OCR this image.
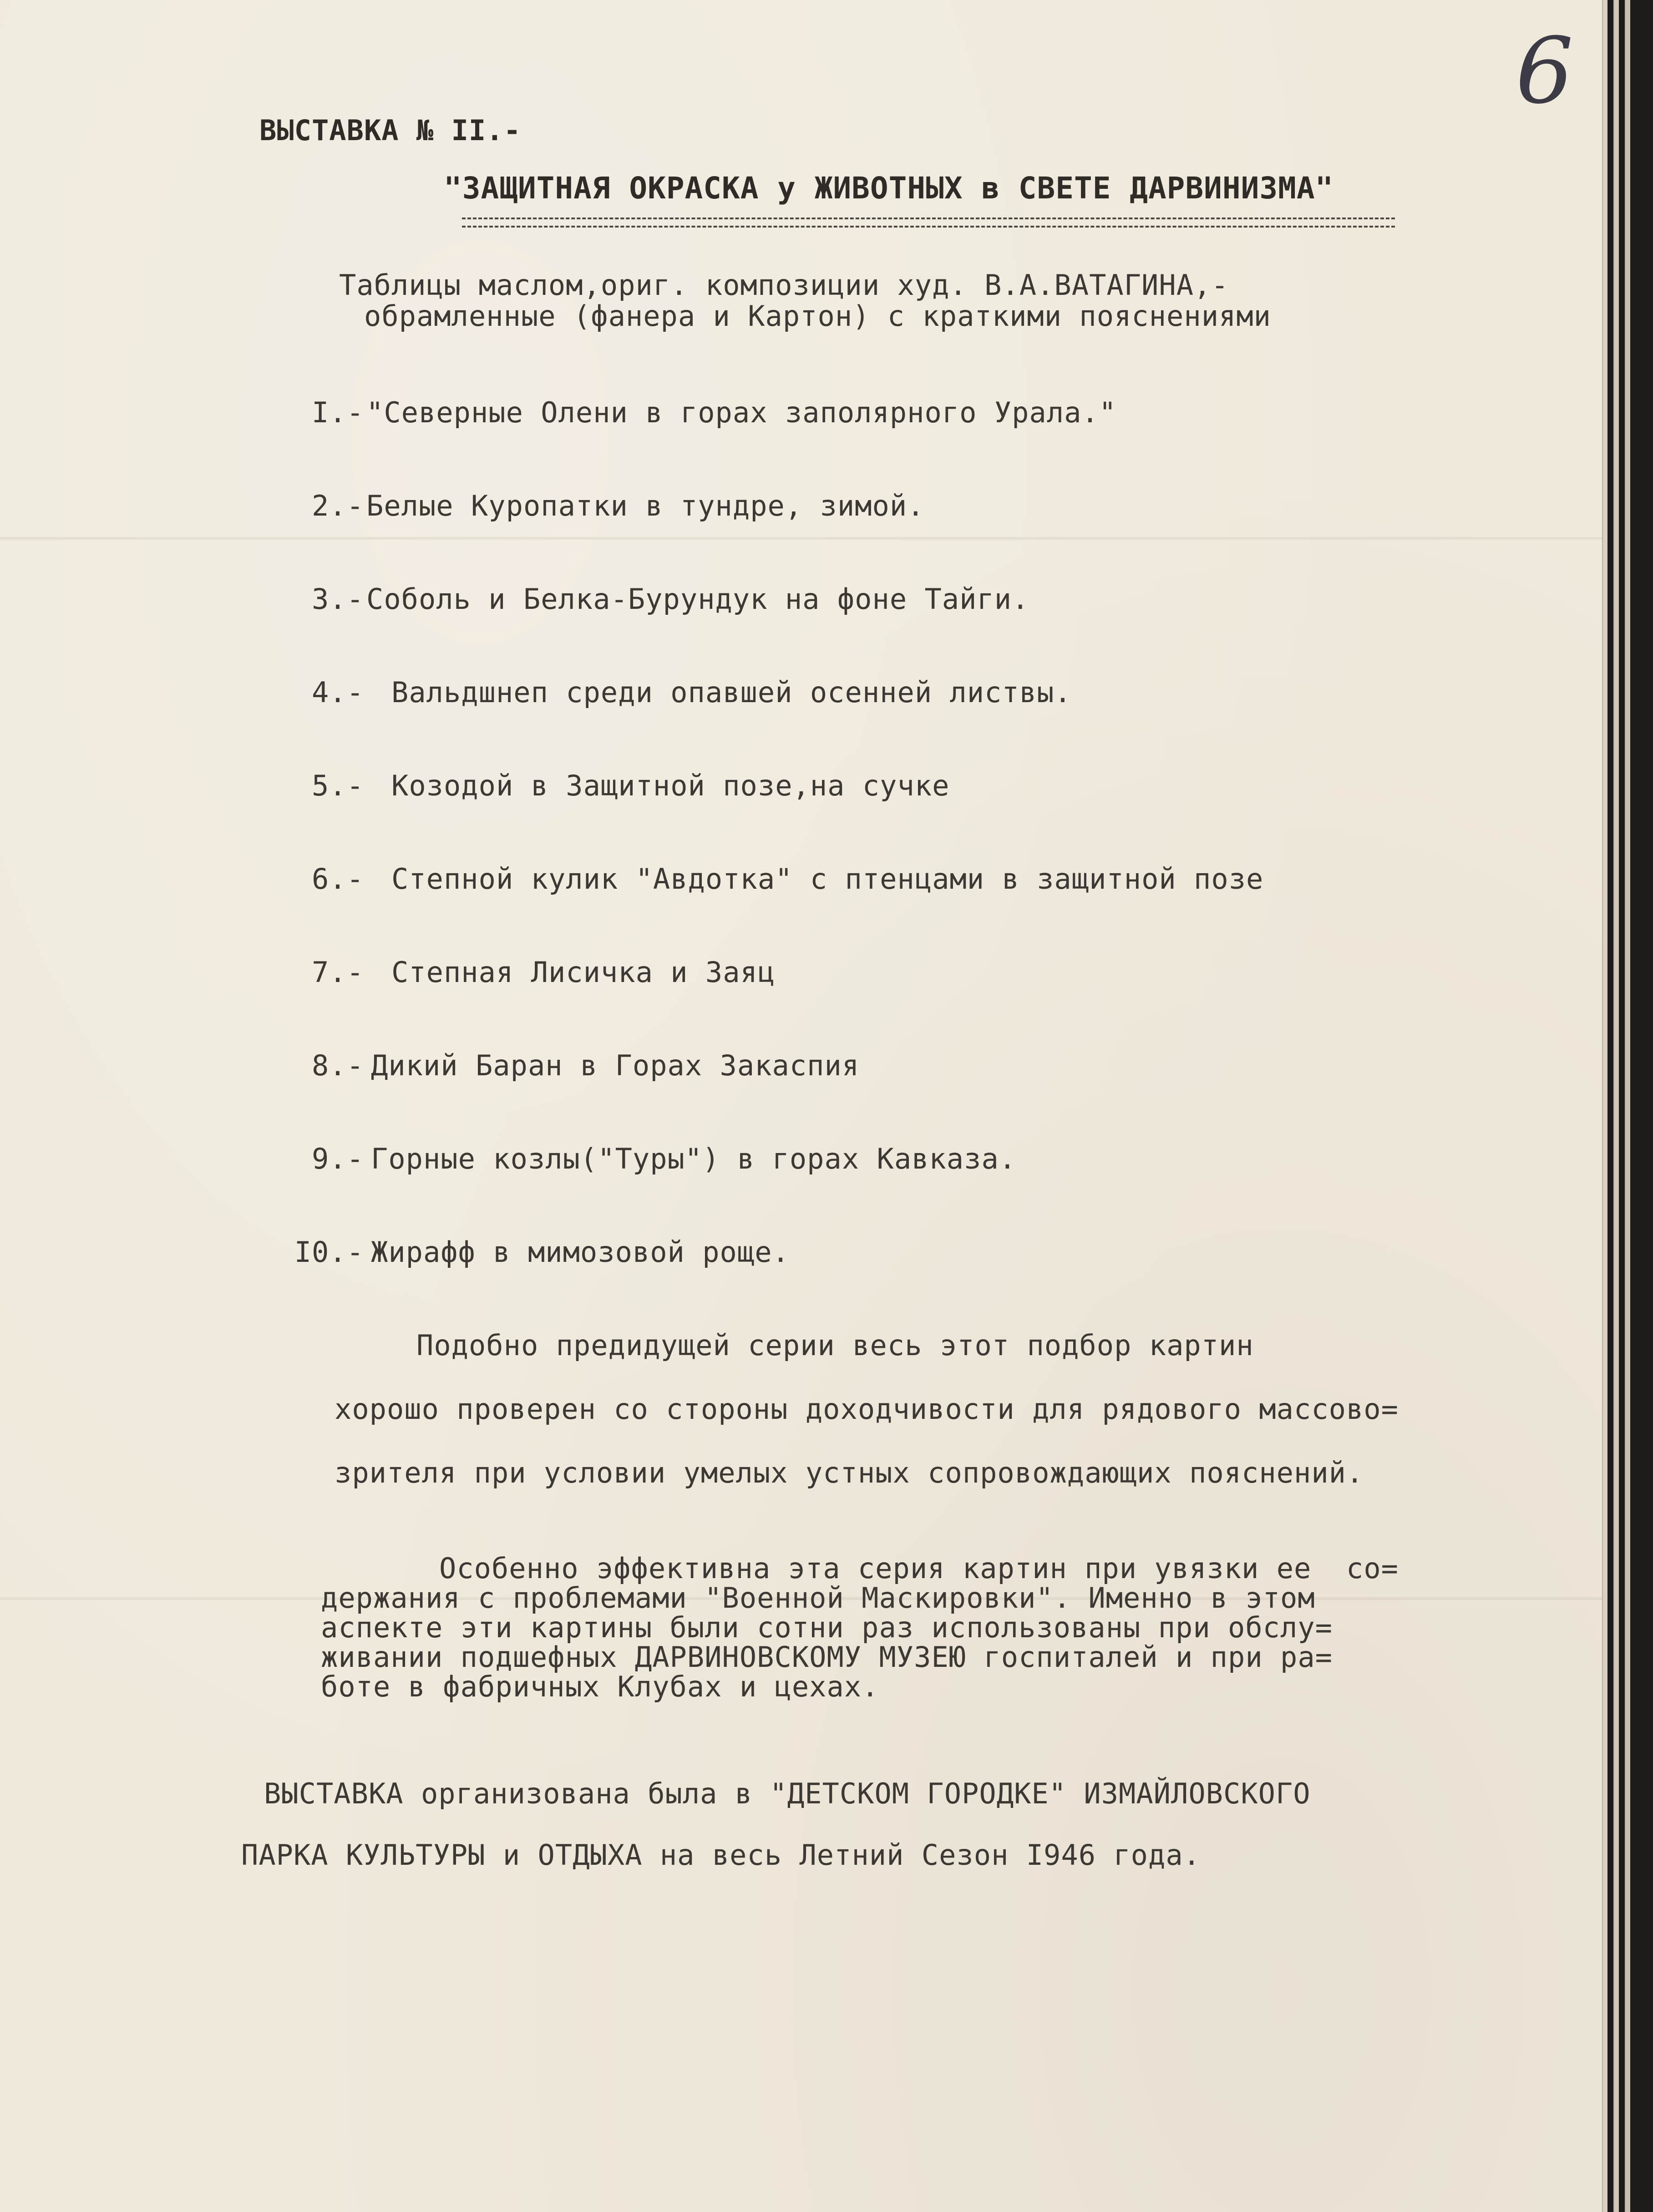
6
ВЫСТАВКА № II.-
"ЗАЩИТНАЯ ОКРАСКА у ЖИВОТНЫХ в СВЕТЕ ДАРВИНИЗМА"
Таблицы маслом,ориг. композиции худ. В.А.ВАТАГИНА,-
обрамленные (фанера и Картон) с краткими пояснениями
I.- "Северные Олени в горах заполярного Урала."
2.- Белые Куропатки в тундре, зимой.
3.- Соболь и Белка-Бурундук на фоне Тайги.
4.- Вальдшнеп среди опавшей осенней листвы.
5.- Козодой в Защитной позе,на сучке
6.- Степной кулик "Авдотка" с птенцами в защитной позе
7.- Степная Лисичка и Заяц
8.- Дикий Баран в Горах Закаспия
9.- Горные козлы("Туры") в горах Кавказа.
I0.- Жирафф в мимозовой роще.
Подобно предидущей серии весь этот подбор картин
хорошо проверен со стороны доходчивости для рядового массово=
зрителя при условии умелых устных сопровождающих пояснений.
Особенно эффективна эта серия картин при увязки ее  со=
держания с проблемами "Военной Маскировки". Именно в этом
аспекте эти картины были сотни раз использованы при обслу=
живании подшефных ДАРВИНОВСКОМУ МУЗЕЮ госпиталей и при ра=
боте в фабричных Клубах и цехах.
ВЫСТАВКА организована была в "ДЕТСКОМ ГОРОДКЕ" ИЗМАЙЛОВСКОГО
ПАРКА КУЛЬТУРЫ и ОТДЫХА на весь Летний Сезон I946 года.
